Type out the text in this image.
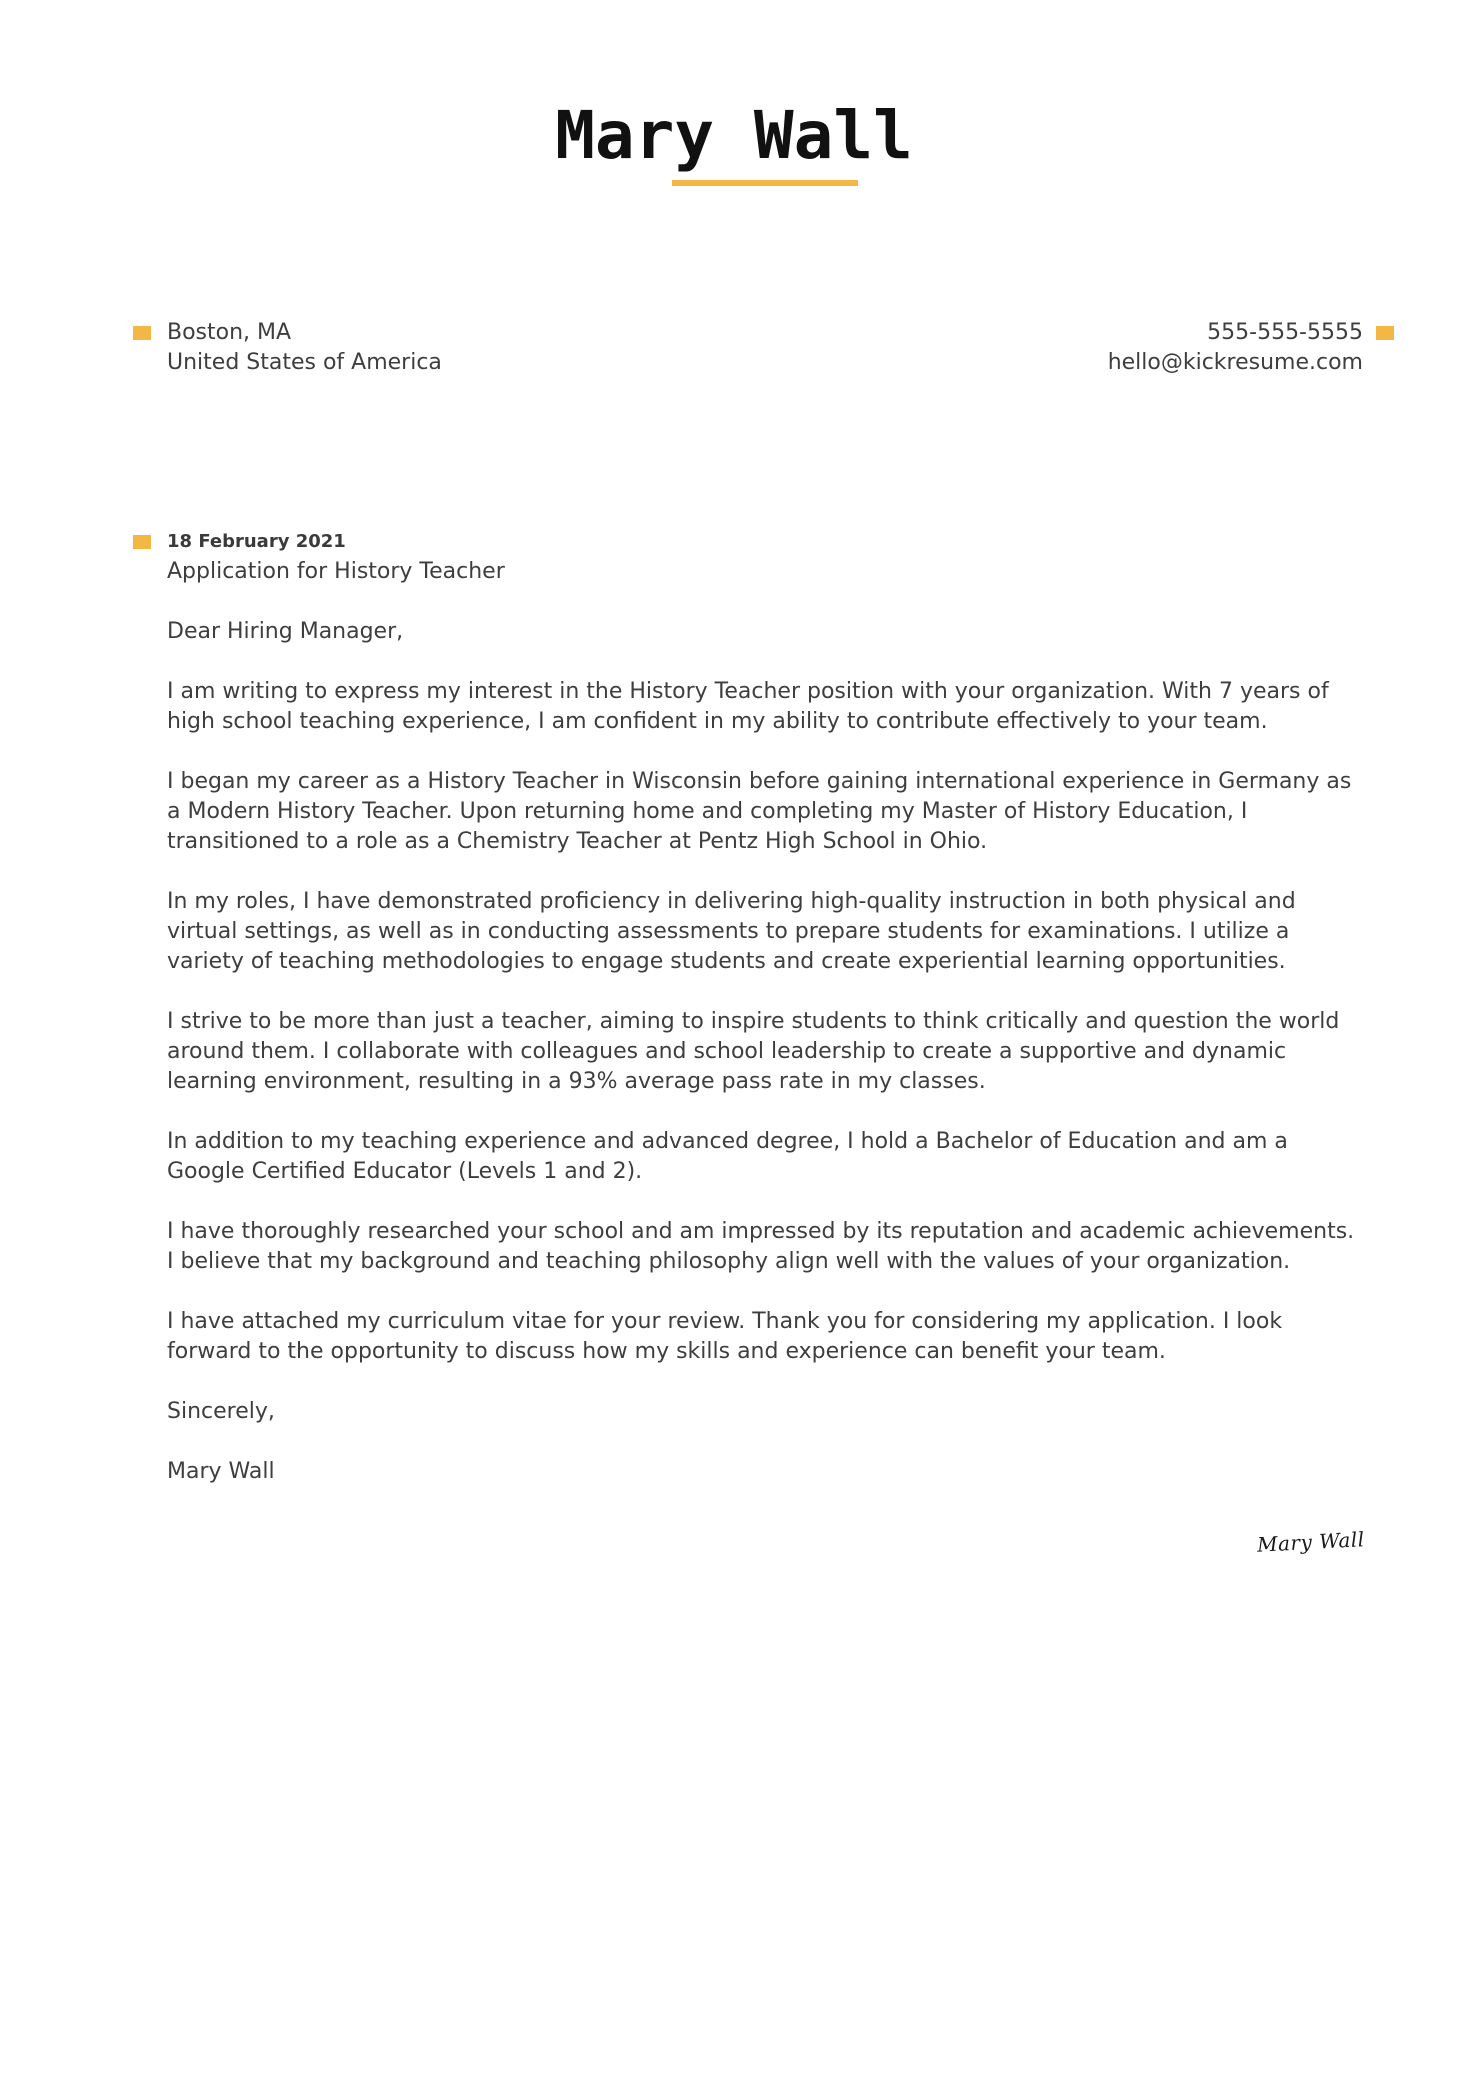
Mary Wall
Boston, MA
United States of America
555-555-5555
hello@kickresume.com
18 February 2021
Application for History Teacher

Dear Hiring Manager,

I am writing to express my interest in the History Teacher position with your organization. With 7 years of high school teaching experience, I am confident in my ability to contribute effectively to your team.

I began my career as a History Teacher in Wisconsin before gaining international experience in Germany as a Modern History Teacher. Upon returning home and completing my Master of History Education, I transitioned to a role as a Chemistry Teacher at Pentz High School in Ohio.

In my roles, I have demonstrated proficiency in delivering high-quality instruction in both physical and virtual settings, as well as in conducting assessments to prepare students for examinations. I utilize a variety of teaching methodologies to engage students and create experiential learning opportunities.

I strive to be more than just a teacher, aiming to inspire students to think critically and question the world around them. I collaborate with colleagues and school leadership to create a supportive and dynamic learning environment, resulting in a 93% average pass rate in my classes.

In addition to my teaching experience and advanced degree, I hold a Bachelor of Education and am a Google Certified Educator (Levels 1 and 2).

I have thoroughly researched your school and am impressed by its reputation and academic achievements. I believe that my background and teaching philosophy align well with the values of your organization.

I have attached my curriculum vitae for your review. Thank you for considering my application. I look forward to the opportunity to discuss how my skills and experience can benefit your team.

Sincerely,

Mary Wall

Mary Wall
